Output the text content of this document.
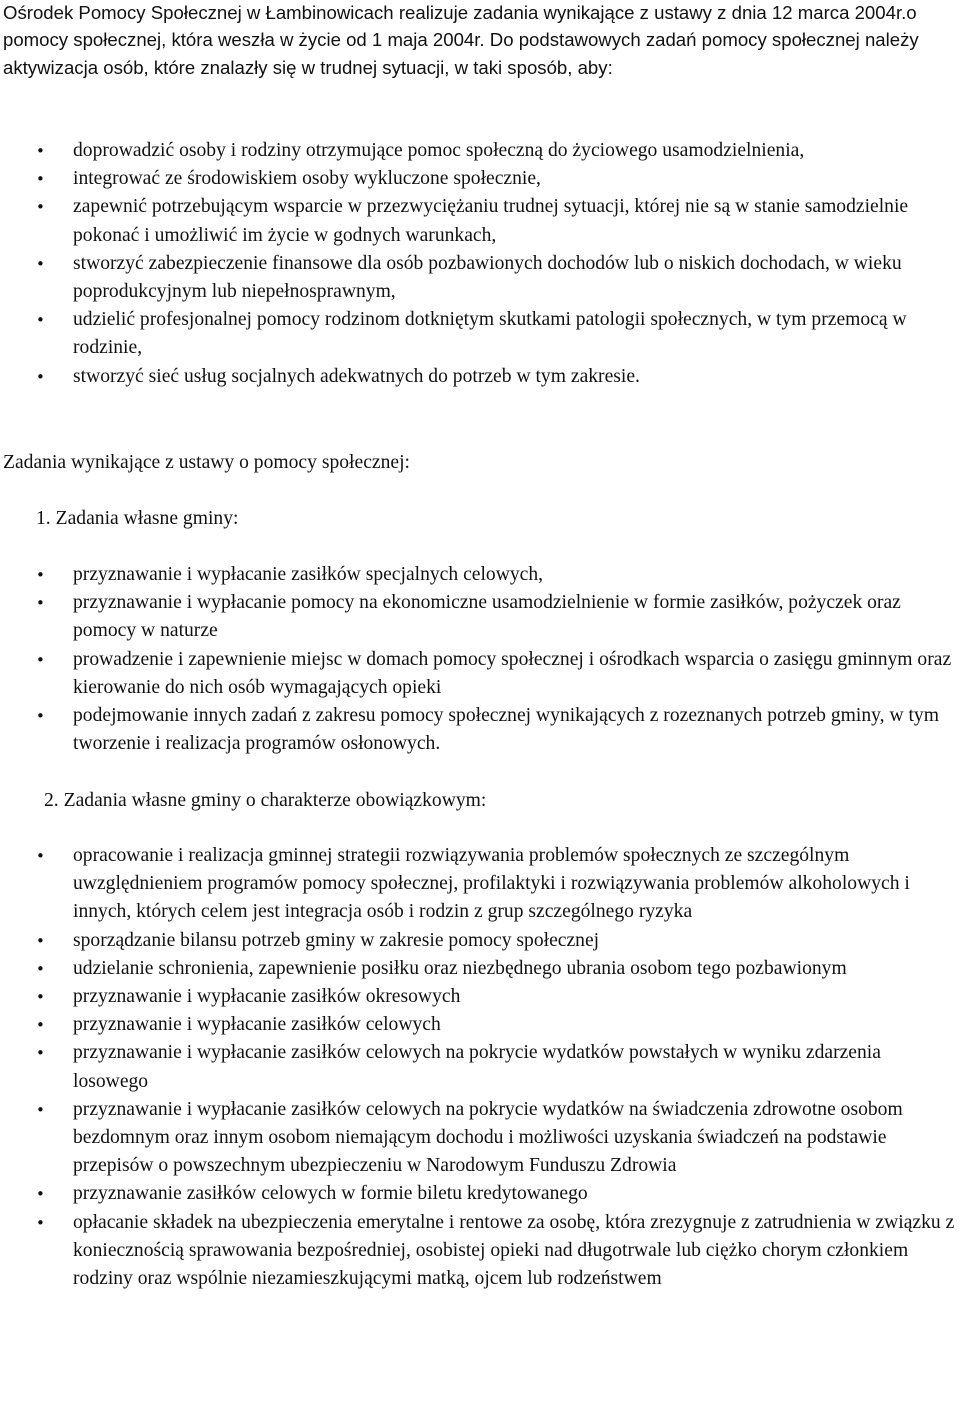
Ośrodek Pomocy Społecznej w Łambinowicach realizuje zadania wynikające z ustawy z dnia 12 marca 2004r.o pomocy społecznej, która weszła w życie od 1 maja 2004r. Do podstawowych zadań pomocy społecznej należy aktywizacja osób, które znalazły się w trudnej sytuacji, w taki sposób, aby:

• doprowadzić osoby i rodziny otrzymujące pomoc społeczną do życiowego usamodzielnienia,
• integrować ze środowiskiem osoby wykluczone społecznie,
• zapewnić potrzebującym wsparcie w przezwyciężaniu trudnej sytuacji, której nie są w stanie samodzielnie pokonać i umożliwić im życie w godnych warunkach,
• stworzyć zabezpieczenie finansowe dla osób pozbawionych dochodów lub o niskich dochodach, w wieku poprodukcyjnym lub niepełnosprawnym,
• udzielić profesjonalnej pomocy rodzinom dotkniętym skutkami patologii społecznych, w tym przemocą w rodzinie,
• stworzyć sieć usług socjalnych adekwatnych do potrzeb w tym zakresie.

Zadania wynikające z ustawy o pomocy społecznej:

1. Zadania własne gminy:

• przyznawanie i wypłacanie zasiłków specjalnych celowych,
• przyznawanie i wypłacanie pomocy na ekonomiczne usamodzielnienie w formie zasiłków, pożyczek oraz pomocy w naturze
• prowadzenie i zapewnienie miejsc w domach pomocy społecznej i ośrodkach wsparcia o zasięgu gminnym oraz kierowanie do nich osób wymagających opieki
• podejmowanie innych zadań z zakresu pomocy społecznej wynikających z rozeznanych potrzeb gminy, w tym tworzenie i realizacja programów osłonowych.

2. Zadania własne gminy o charakterze obowiązkowym:

• opracowanie i realizacja gminnej strategii rozwiązywania problemów społecznych ze szczególnym uwzględnieniem programów pomocy społecznej, profilaktyki i rozwiązywania problemów alkoholowych i innych, których celem jest integracja osób i rodzin z grup szczególnego ryzyka
• sporządzanie bilansu potrzeb gminy w zakresie pomocy społecznej
• udzielanie schronienia, zapewnienie posiłku oraz niezbędnego ubrania osobom tego pozbawionym
• przyznawanie i wypłacanie zasiłków okresowych
• przyznawanie i wypłacanie zasiłków celowych
• przyznawanie i wypłacanie zasiłków celowych na pokrycie wydatków powstałych w wyniku zdarzenia losowego
• przyznawanie i wypłacanie zasiłków celowych na pokrycie wydatków na świadczenia zdrowotne osobom bezdomnym oraz innym osobom niemającym dochodu i możliwości uzyskania świadczeń na podstawie przepisów o powszechnym ubezpieczeniu w Narodowym Funduszu Zdrowia
• przyznawanie zasiłków celowych w formie biletu kredytowanego
• opłacanie składek na ubezpieczenia emerytalne i rentowe za osobę, która zrezygnuje z zatrudnienia w związku z koniecznością sprawowania bezpośredniej, osobistej opieki nad długotrwale lub ciężko chorym członkiem rodziny oraz wspólnie niezamieszkującymi matką, ojcem lub rodzeństwem
